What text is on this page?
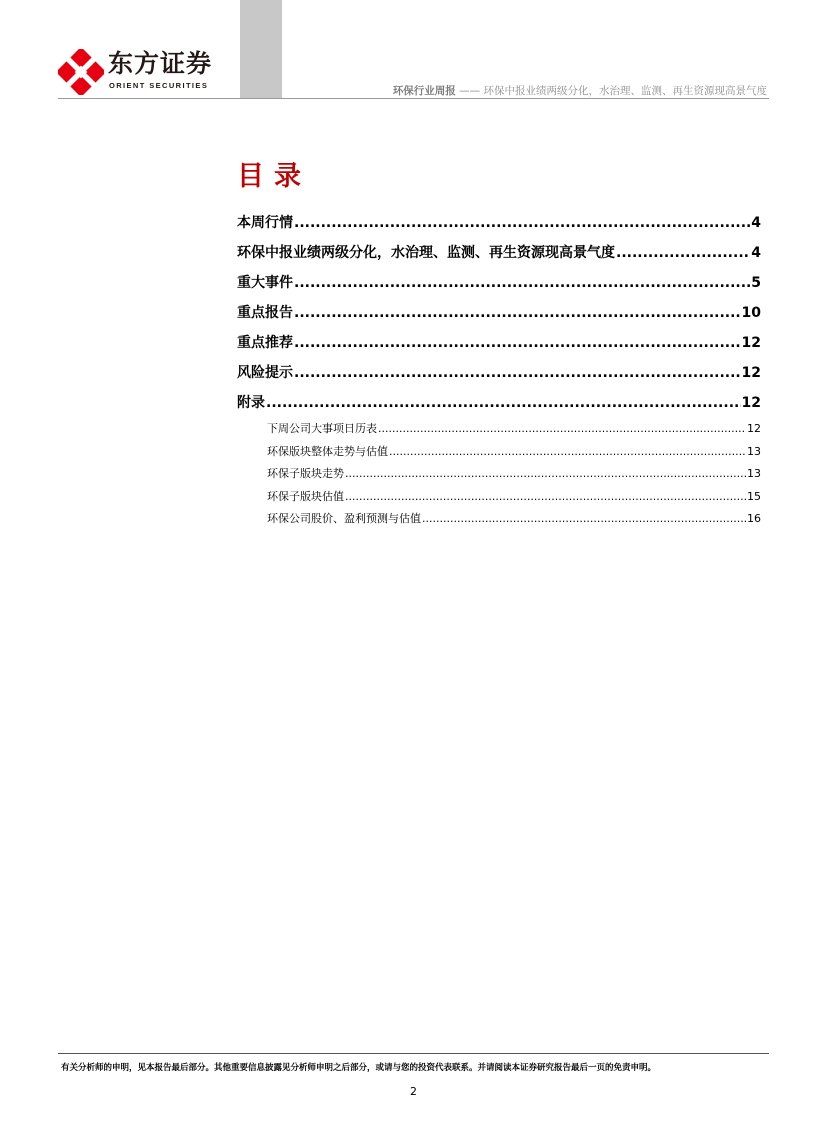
东方证券
ORIENT SECURITIES	环保行业周报 —— 环保中报业绩两级分化，水治理、监测、再生资源现高景气度
目录
本周行情 .....	4
环保中报业绩两级分化，水治理、监测、再生资源现高景气度 .....	4
重大事件 .....	5
重点报告 .....	10
重点推荐 .....	12
风险提示 .....	12
附录 .....	12
下周公司大事项日历表 .....	12
环保版块整体走势与估值 .....	13
环保子版块走势 .....	13
环保子版块估值 .....	15
环保公司股价、盈利预测与估值 .....	16
有关分析师的申明，见本报告最后部分。其他重要信息披露见分析师申明之后部分，或请与您的投资代表联系。并请阅读本证券研究报告最后一页的免责申明。
2
